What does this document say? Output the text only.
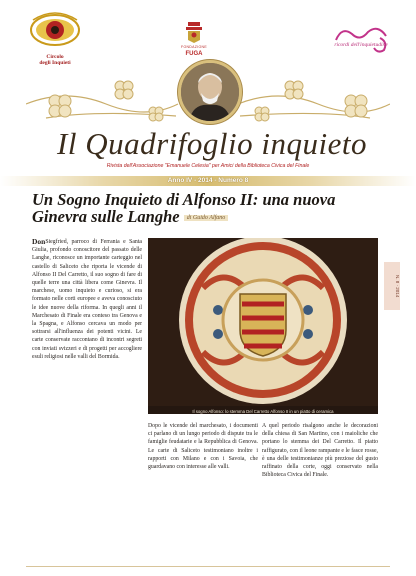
Circolo
degli Inquieti
FONDAZIONE
FUGA
ricordi dell'inquietudine
Il Quadrifoglio inquieto
Rivista dell'Associazione "Emanuele Celesia" per Amici della Biblioteca Civica del Finale
Anno IV - 2014 - Numero 8
Un Sogno Inquieto di Alfonso II: una nuova Ginevra sulle Langhe di Guido Alfano
Don Siegfried, parroco di Ferrania e Santa Giulia, profondo conoscitore del passato delle Langhe, riconosce un importante carteggio nel castello di Saliceto che riporta le vicende di Alfonso II Del Carretto, il suo sogno di fare di quelle terre una città libera come Ginevra. Il marchese, uomo inquieto e curioso, si era formato nelle corti europee e aveva conosciuto le idee nuove della riforma. In quegli anni il Marchesato di Finale era conteso tra Genova e la Spagna, e Alfonso cercava un modo per sottrarsi all'influenza dei potenti vicini. Le carte conservate raccontano di incontri segreti con inviati svizzeri e di progetti per accogliere esuli religiosi nelle valli del Bormida.
Il sogno Alfonso: lo stemma Del Carretto Alfonso II in un piatto di ceramica
Dopo le vicende del marchesato, i documenti ci parlano di un lungo periodo di dispute tra le famiglie feudatarie e la Repubblica di Genova. Le carte di Saliceto testimoniano inoltre i rapporti con Milano e con i Savoia, che guardavano con interesse alle valli.
A quel periodo risalgono anche le decorazioni della chiesa di San Martino, con i maioliche che portano lo stemma dei Del Carretto. Il piatto raffigurato, con il leone rampante e le fasce rosse, è una delle testimonianze più preziose del gusto raffinato della corte, oggi conservato nella Biblioteca Civica del Finale.
N. 8 · 2014
